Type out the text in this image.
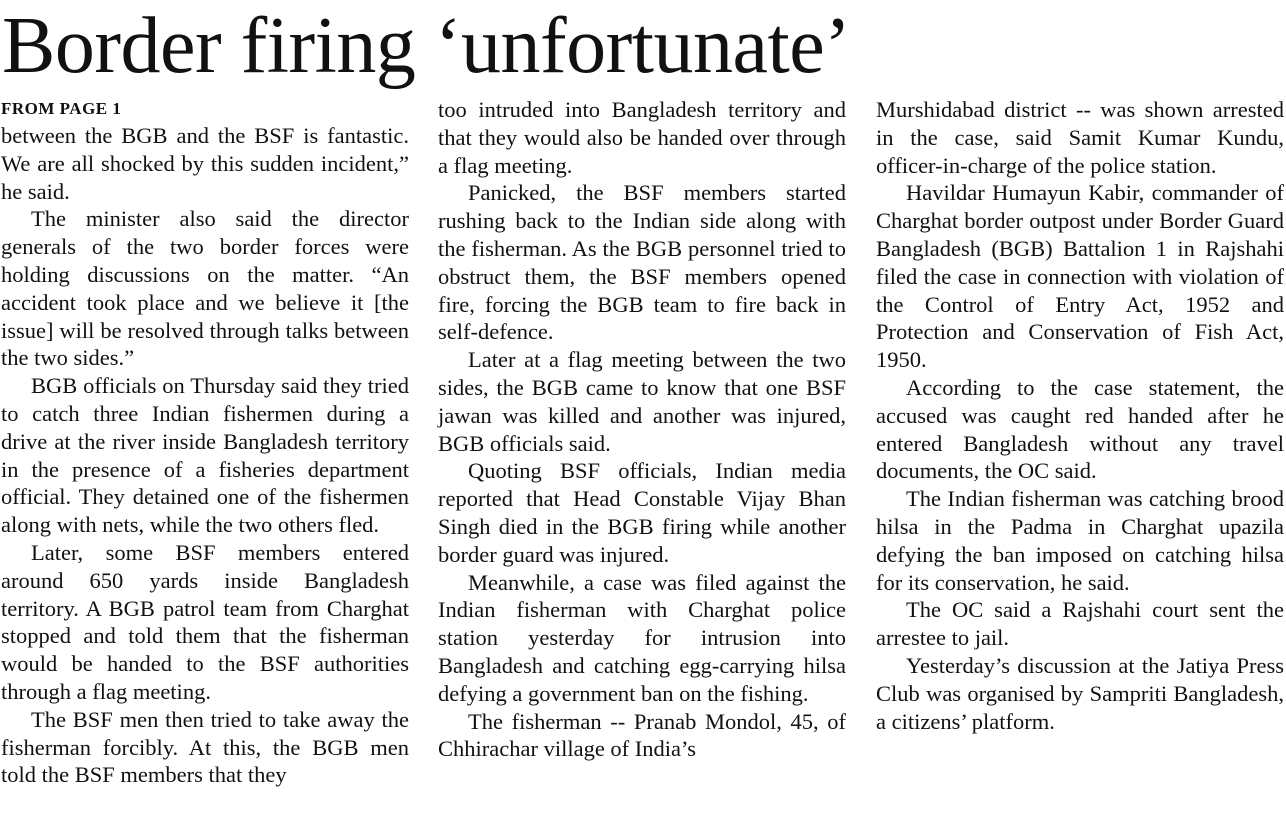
Border firing ‘unfortunate’
FROM PAGE 1

between the BGB and the BSF is fantastic. We are all shocked by this sudden incident,” he said.

The minister also said the director generals of the two border forces were holding discussions on the matter. “An accident took place and we believe it [the issue] will be resolved through talks between the two sides.”

BGB officials on Thursday said they tried to catch three Indian fishermen during a drive at the river inside Bangladesh territory in the presence of a fisheries department official. They detained one of the fishermen along with nets, while the two others fled.

Later, some BSF members entered around 650 yards inside Bangladesh territory. A BGB patrol team from Charghat stopped and told them that the fisherman would be handed to the BSF authorities through a flag meeting.

The BSF men then tried to take away the fisherman forcibly. At this, the BGB men told the BSF members that they

too intruded into Bangladesh territory and that they would also be handed over through a flag meeting.

Panicked, the BSF members started rushing back to the Indian side along with the fisherman. As the BGB personnel tried to obstruct them, the BSF members opened fire, forcing the BGB team to fire back in self-defence.

Later at a flag meeting between the two sides, the BGB came to know that one BSF jawan was killed and another was injured, BGB officials said.

Quoting BSF officials, Indian media reported that Head Constable Vijay Bhan Singh died in the BGB firing while another border guard was injured.

Meanwhile, a case was filed against the Indian fisherman with Charghat police station yesterday for intrusion into Bangladesh and catching egg-carrying hilsa defying a government ban on the fishing.

The fisherman -- Pranab Mondol, 45, of Chhirachar village of India’s

Murshidabad district -- was shown arrested in the case, said Samit Kumar Kundu, officer-in-charge of the police station.

Havildar Humayun Kabir, commander of Charghat border outpost under Border Guard Bangladesh (BGB) Battalion 1 in Rajshahi filed the case in connection with violation of the Control of Entry Act, 1952 and Protection and Conservation of Fish Act, 1950.

According to the case statement, the accused was caught red handed after he entered Bangladesh without any travel documents, the OC said.

The Indian fisherman was catching brood hilsa in the Padma in Charghat upazila defying the ban imposed on catching hilsa for its conservation, he said.

The OC said a Rajshahi court sent the arrestee to jail.

Yesterday’s discussion at the Jatiya Press Club was organised by Sampriti Bangladesh, a citizens’ platform.
